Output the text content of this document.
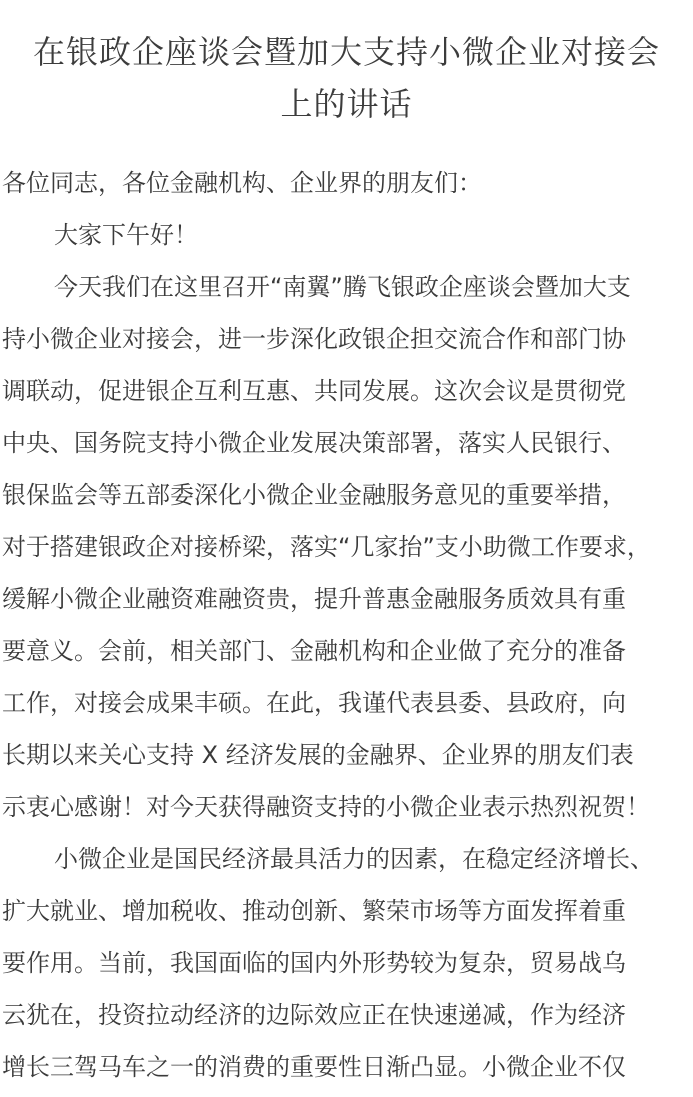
在银政企座谈会暨加大支持小微企业对接会
上的讲话
各位同志，各位金融机构、企业界的朋友们：
大家下午好！
今天我们在这里召开“南翼”腾飞银政企座谈会暨加大支
持小微企业对接会，进一步深化政银企担交流合作和部门协
调联动，促进银企互利互惠、共同发展。这次会议是贯彻党
中央、国务院支持小微企业发展决策部署，落实人民银行、
银保监会等五部委深化小微企业金融服务意见的重要举措，
对于搭建银政企对接桥梁，落实“几家抬”支小助微工作要求，
缓解小微企业融资难融资贵，提升普惠金融服务质效具有重
要意义。会前，相关部门、金融机构和企业做了充分的准备
工作，对接会成果丰硕。在此，我谨代表县委、县政府，向
长期以来关心支持 X 经济发展的金融界、企业界的朋友们表
示衷心感谢！对今天获得融资支持的小微企业表示热烈祝贺！
小微企业是国民经济最具活力的因素，在稳定经济增长、
扩大就业、增加税收、推动创新、繁荣市场等方面发挥着重
要作用。当前，我国面临的国内外形势较为复杂，贸易战乌
云犹在，投资拉动经济的边际效应正在快速递减，作为经济
增长三驾马车之一的消费的重要性日渐凸显。小微企业不仅
